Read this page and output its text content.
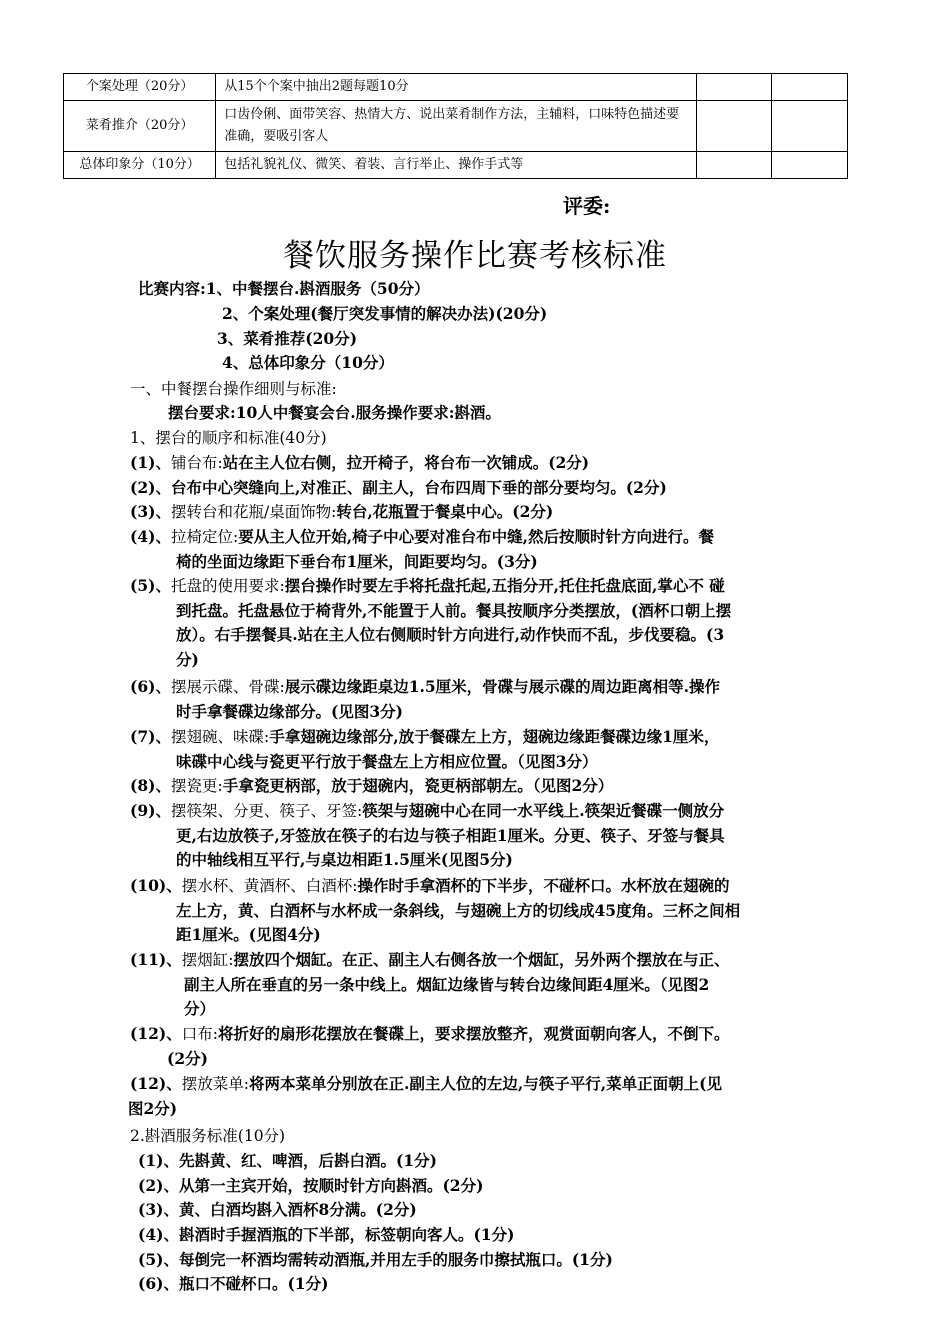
个案处理（20分）	从15个个案中抽出2题每题10分		
菜肴推介（20分）	口齿伶俐、面带笑容、热情大方、说出菜肴制作方法，主辅料，口味特色描述要准确，要吸引客人		
总体印象分（10分）	包括礼貌礼仪、微笑、着装、言行举止、操作手式等		
评委:
餐饮服务操作比赛考核标准
比赛内容:1、中餐摆台.斟酒服务（50分）
2、个案处理(餐厅突发事情的解决办法)(20分)
3、菜肴推荐(20分)
4、总体印象分（10分）
一、中餐摆台操作细则与标准:
摆台要求:10人中餐宴会台.服务操作要求:斟酒。
1、摆台的顺序和标准(40分)
(1)、铺台布:站在主人位右侧，拉开椅子，将台布一次铺成。(2分)
(2)、台布中心突缝向上,对准正、副主人，台布四周下垂的部分要均匀。(2分)
(3)、摆转台和花瓶/桌面饰物:转台,花瓶置于餐桌中心。(2分)
(4)、拉椅定位:要从主人位开始,椅子中心要对准台布中缝,然后按顺时针方向进行。餐
椅的坐面边缘距下垂台布1厘米，间距要均匀。(3分)
(5)、托盘的使用要求:摆台操作时要左手将托盘托起,五指分开,托住托盘底面,掌心不 碰
到托盘。托盘悬位于椅背外,不能置于人前。餐具按顺序分类摆放，(酒杯口朝上摆
放）。右手摆餐具.站在主人位右侧顺时针方向进行,动作快而不乱，步伐要稳。(3
分)
(6)、摆展示碟、骨碟:展示碟边缘距桌边1.5厘米，骨碟与展示碟的周边距离相等.操作
时手拿餐碟边缘部分。(见图3分)
(7)、摆翅碗、味碟:手拿翅碗边缘部分,放于餐碟左上方，翅碗边缘距餐碟边缘1厘米，
味碟中心线与瓷更平行放于餐盘左上方相应位置。（见图3分）
(8)、摆瓷更:手拿瓷更柄部，放于翅碗内，瓷更柄部朝左。（见图2分）
(9)、摆筷架、分更、筷子、牙签:筷架与翅碗中心在同一水平线上.筷架近餐碟一侧放分
更,右边放筷子,牙签放在筷子的右边与筷子相距1厘米。分更、筷子、牙签与餐具
的中轴线相互平行,与桌边相距1.5厘米(见图5分)
(10)、摆水杯、黄酒杯、白酒杯:操作时手拿酒杯的下半步，不碰杯口。水杯放在翅碗的
左上方，黄、白酒杯与水杯成一条斜线，与翅碗上方的切线成45度角。三杯之间相
距1厘米。(见图4分)
(11)、摆烟缸:摆放四个烟缸。在正、副主人右侧各放一个烟缸，另外两个摆放在与正、
副主人所在垂直的另一条中线上。烟缸边缘皆与转台边缘间距4厘米。（见图2
分）
(12)、口布:将折好的扇形花摆放在餐碟上，要求摆放整齐，观赏面朝向客人，不倒下。
(2分)
(12)、摆放菜单:将两本菜单分别放在正.副主人位的左边,与筷子平行,菜单正面朝上(见
图2分)
2.斟酒服务标准(10分)
(1)、先斟黄、红、啤酒，后斟白酒。(1分)
(2)、从第一主宾开始，按顺时针方向斟酒。(2分)
(3)、黄、白酒均斟入酒杯8分满。(2分)
(4)、斟酒时手握酒瓶的下半部，标签朝向客人。(1分)
(5)、每倒完一杯酒均需转动酒瓶,并用左手的服务巾擦拭瓶口。(1分)
(6)、瓶口不碰杯口。(1分)
